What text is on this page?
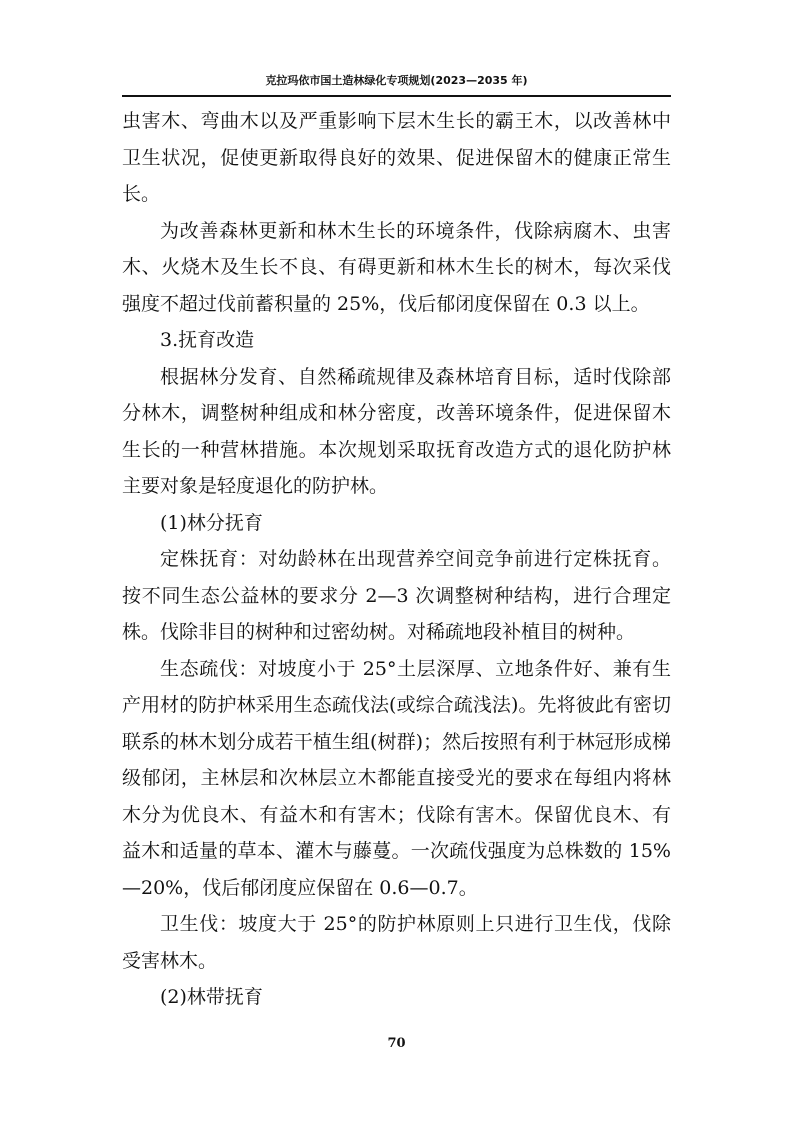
克拉玛依市国土造林绿化专项规划(2023—2035 年)

虫害木、弯曲木以及严重影响下层木生长的霸王木，以改善林中卫生状况，促使更新取得良好的效果、促进保留木的健康正常生长。

为改善森林更新和林木生长的环境条件，伐除病腐木、虫害木、火烧木及生长不良、有碍更新和林木生长的树木，每次采伐强度不超过伐前蓄积量的 25%，伐后郁闭度保留在 0.3 以上。

3.抚育改造

根据林分发育、自然稀疏规律及森林培育目标，适时伐除部分林木，调整树种组成和林分密度，改善环境条件，促进保留木生长的一种营林措施。本次规划采取抚育改造方式的退化防护林主要对象是轻度退化的防护林。

(1)林分抚育

定株抚育：对幼龄林在出现营养空间竞争前进行定株抚育。按不同生态公益林的要求分 2—3 次调整树种结构，进行合理定株。伐除非目的树种和过密幼树。对稀疏地段补植目的树种。

生态疏伐：对坡度小于 25°土层深厚、立地条件好、兼有生产用材的防护林采用生态疏伐法(或综合疏浅法)。先将彼此有密切联系的林木划分成若干植生组(树群)；然后按照有利于林冠形成梯级郁闭，主林层和次林层立木都能直接受光的要求在每组内将林木分为优良木、有益木和有害木；伐除有害木。保留优良木、有益木和适量的草本、灌木与藤蔓。一次疏伐强度为总株数的 15%—20%，伐后郁闭度应保留在 0.6—0.7。

卫生伐：坡度大于 25°的防护林原则上只进行卫生伐，伐除受害林木。

(2)林带抚育

70
